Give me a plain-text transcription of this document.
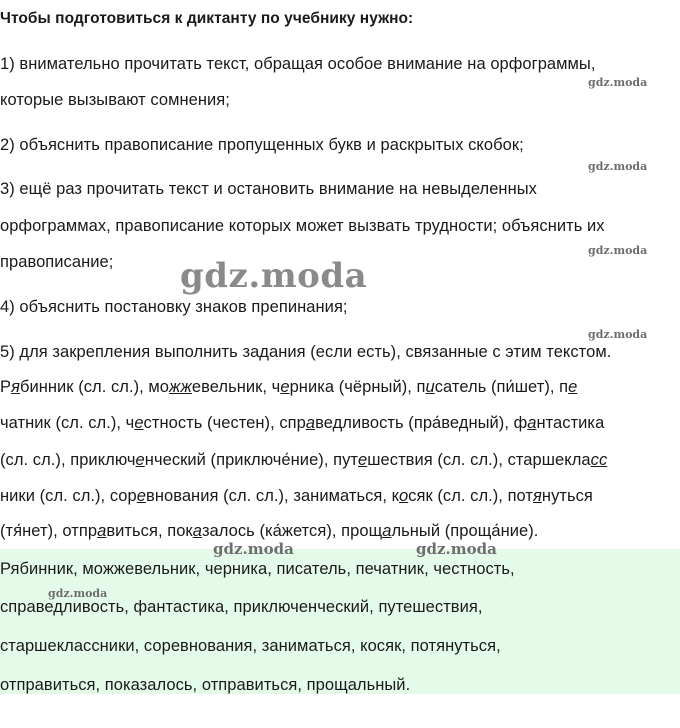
Чтобы подготовиться к диктанту по учебнику нужно:
1) внимательно прочитать текст, обращая особое внимание на орфограммы,
которые вызывают сомнения;
2) объяснить правописание пропущенных букв и раскрытых скобок;
3) ещё раз прочитать текст и остановить внимание на невыделенных
орфограммах, правописание которых может вызвать трудности; объяснить их
правописание;
4) объяснить постановку знаков препинания;
5) для закрепления выполнить задания (если есть), связанные с этим текстом.
Рябинник (сл. сл.), можжевельник, черника (чёрный), писатель (пи́шет), пе
чатник (сл. сл.), честность (честен), справедливость (пра́ведный), фантастика
(сл. сл.), приключенческий (приключе́ние), путешествия (сл. сл.), старшекласс
ники (сл. сл.), соревнования (сл. сл.), заниматься, косяк (сл. сл.), потянуться
(тя́нет), отправиться, показалось (ка́жется), прощальный (проща́ние).
Рябинник, можжевельник, черника, писатель, печатник, честность,
справедливость, фантастика, приключенческий, путешествия,
старшеклассники, соревнования, заниматься, косяк, потянуться,
отправиться, показалось, отправиться, прощальный.
gdz.moda
gdz.moda
gdz.moda
gdz.moda
gdz.moda
gdz.moda	gdz.moda
gdz.moda
